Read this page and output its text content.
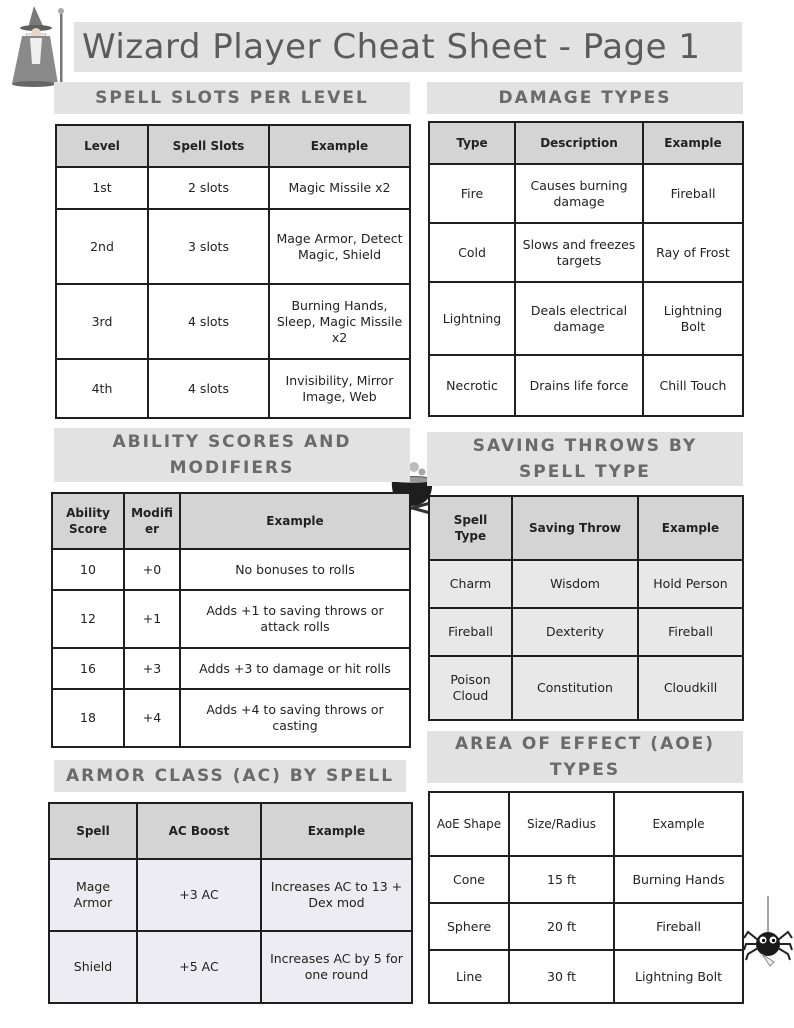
Wizard Player Cheat Sheet - Page 1
SPELL SLOTS PER LEVEL
Level	Spell Slots	Example
1st	2 slots	Magic Missile x2
2nd	3 slots	Mage Armor, Detect Magic, Shield
3rd	4 slots	Burning Hands, Sleep, Magic Missile x2
4th	4 slots	Invisibility, Mirror Image, Web
DAMAGE TYPES
Type	Description	Example
Fire	Causes burning damage	Fireball
Cold	Slows and freezes targets	Ray of Frost
Lightning	Deals electrical damage	Lightning Bolt
Necrotic	Drains life force	Chill Touch
ABILITY SCORES AND MODIFIERS
Ability Score	Modifier	Example
10	+0	No bonuses to rolls
12	+1	Adds +1 to saving throws or attack rolls
16	+3	Adds +3 to damage or hit rolls
18	+4	Adds +4 to saving throws or casting
SAVING THROWS BY SPELL TYPE
Spell Type	Saving Throw	Example
Charm	Wisdom	Hold Person
Fireball	Dexterity	Fireball
Poison Cloud	Constitution	Cloudkill
ARMOR CLASS (AC) BY SPELL
Spell	AC Boost	Example
Mage Armor	+3 AC	Increases AC to 13 + Dex mod
Shield	+5 AC	Increases AC by 5 for one round
AREA OF EFFECT (AOE) TYPES
AoE Shape	Size/Radius	Example
Cone	15 ft	Burning Hands
Sphere	20 ft	Fireball
Line	30 ft	Lightning Bolt
